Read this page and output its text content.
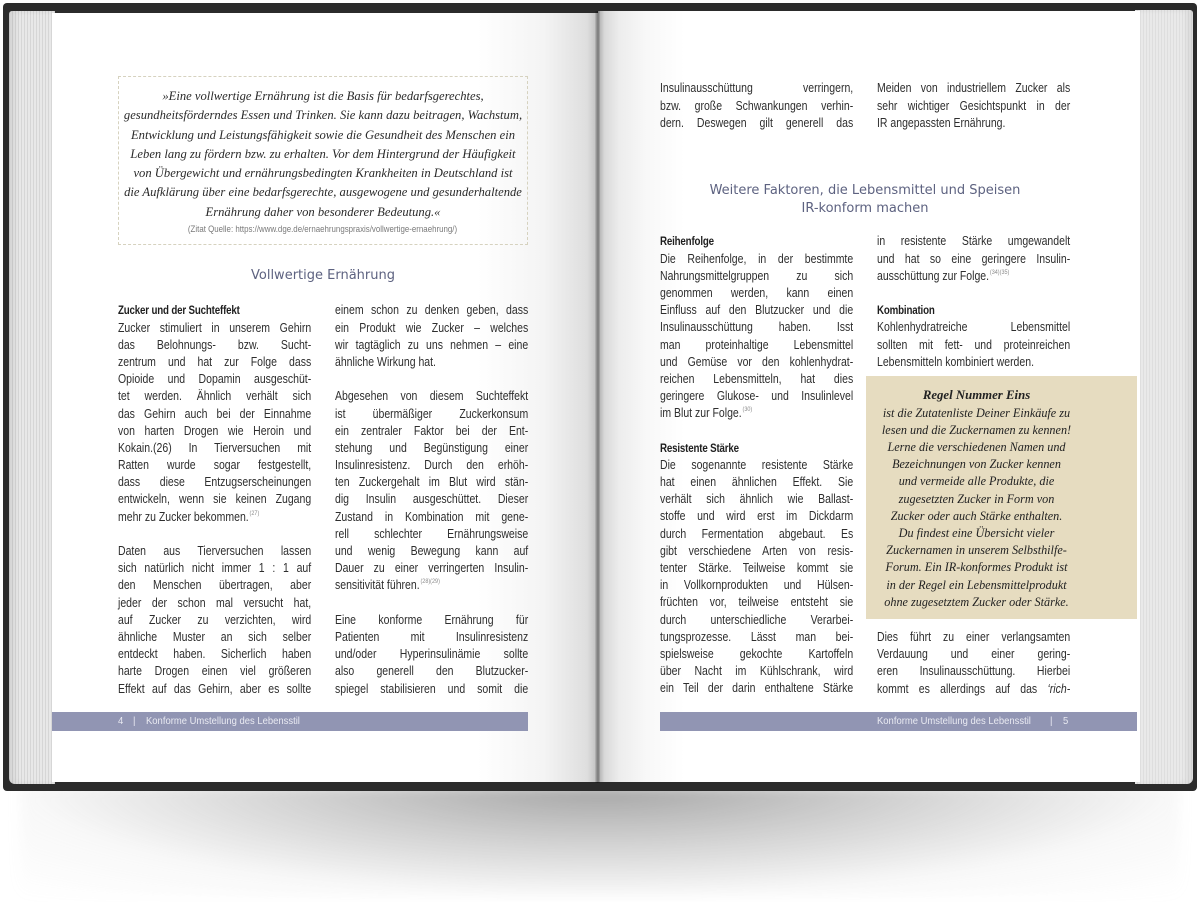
»Eine vollwertige Ernährung ist die Basis für bedarfsgerechtes,
gesundheitsförderndes Essen und Trinken. Sie kann dazu beitragen, Wachstum,
Entwicklung und Leistungsfähigkeit sowie die Gesundheit des Menschen ein
Leben lang zu fördern bzw. zu erhalten. Vor dem Hintergrund der Häufigkeit
von Übergewicht und ernährungsbedingten Krankheiten in Deutschland ist
die Aufklärung über eine bedarfsgerechte, ausgewogene und gesunderhaltende
Ernährung daher von besonderer Bedeutung.«
(Zitat Quelle: https://www.dge.de/ernaehrungspraxis/vollwertige-ernaehrung/)
Vollwertige Ernährung
Zucker und der Suchteffekt
Zucker stimuliert in unserem Gehirn
das Belohnungs- bzw. Sucht-
zentrum und hat zur Folge dass
Opioide und Dopamin ausgeschüt-
tet werden. Ähnlich verhält sich
das Gehirn auch bei der Einnahme
von harten Drogen wie Heroin und
Kokain.(26) In Tierversuchen mit
Ratten wurde sogar festgestellt,
dass diese Entzugserscheinungen
entwickeln, wenn sie keinen Zugang
mehr zu Zucker bekommen.$^{(27)}$
Daten aus Tierversuchen lassen
sich natürlich nicht immer 1 : 1 auf
den Menschen übertragen, aber
jeder der schon mal versucht hat,
auf Zucker zu verzichten, wird
ähnliche Muster an sich selber
entdeckt haben. Sicherlich haben
harte Drogen einen viel größeren
Effekt auf das Gehirn, aber es sollte
einem schon zu denken geben, dass
ein Produkt wie Zucker – welches
wir tagtäglich zu uns nehmen – eine
ähnliche Wirkung hat.
Abgesehen von diesem Suchteffekt
ist übermäßiger Zuckerkonsum
ein zentraler Faktor bei der Ent-
stehung und Begünstigung einer
Insulinresistenz. Durch den erhöh-
ten Zuckergehalt im Blut wird stän-
dig Insulin ausgeschüttet. Dieser
Zustand in Kombination mit gene-
rell schlechter Ernährungsweise
und wenig Bewegung kann auf
Dauer zu einer verringerten Insulin-
sensitivität führen.$^{(28)(29)}$
Eine konforme Ernährung für
Patienten mit Insulinresistenz
und/oder Hyperinsulinämie sollte
also generell den Blutzucker-
spiegel stabilisieren und somit die
4 | Konforme Umstellung des Lebensstil
Insulinausschüttung verringern,
bzw. große Schwankungen verhin-
dern. Deswegen gilt generell das
Meiden von industriellem Zucker als
sehr wichtiger Gesichtspunkt in der
IR angepassten Ernährung.
Weitere Faktoren, die Lebensmittel und Speisen
IR-konform machen
Reihenfolge
Die Reihenfolge, in der bestimmte
Nahrungsmittelgruppen zu sich
genommen werden, kann einen
Einfluss auf den Blutzucker und die
Insulinausschüttung haben. Isst
man proteinhaltige Lebensmittel
und Gemüse vor den kohlenhydrat-
reichen Lebensmitteln, hat dies
geringere Glukose- und Insulinlevel
im Blut zur Folge.$^{(30)}$
Resistente Stärke
Die sogenannte resistente Stärke
hat einen ähnlichen Effekt. Sie
verhält sich ähnlich wie Ballast-
stoffe und wird erst im Dickdarm
durch Fermentation abgebaut. Es
gibt verschiedene Arten von resis-
tenter Stärke. Teilweise kommt sie
in Vollkornprodukten und Hülsen-
früchten vor, teilweise entsteht sie
durch unterschiedliche Verarbei-
tungsprozesse. Lässt man bei-
spielsweise gekochte Kartoffeln
über Nacht im Kühlschrank, wird
ein Teil der darin enthaltene Stärke
in resistente Stärke umgewandelt
und hat so eine geringere Insulin-
ausschüttung zur Folge.$^{(34)(35)}$
Kombination
Kohlenhydratreiche Lebensmittel
sollten mit fett- und proteinreichen
Lebensmitteln kombiniert werden.
Regel Nummer Eins
ist die Zutatenliste Deiner Einkäufe zu
lesen und die Zuckernamen zu kennen!
Lerne die verschiedenen Namen und
Bezeichnungen von Zucker kennen
und vermeide alle Produkte, die
zugesetzten Zucker in Form von
Zucker oder auch Stärke enthalten.
Du findest eine Übersicht vieler
Zuckernamen in unserem Selbsthilfe-
Forum. Ein IR-konformes Produkt ist
in der Regel ein Lebensmittelprodukt
ohne zugesetztem Zucker oder Stärke.
Dies führt zu einer verlangsamten
Verdauung und einer gering-
eren Insulinausschüttung. Hierbei
kommt es allerdings auf das ‘rich-
Konforme Umstellung des Lebensstil | 5
